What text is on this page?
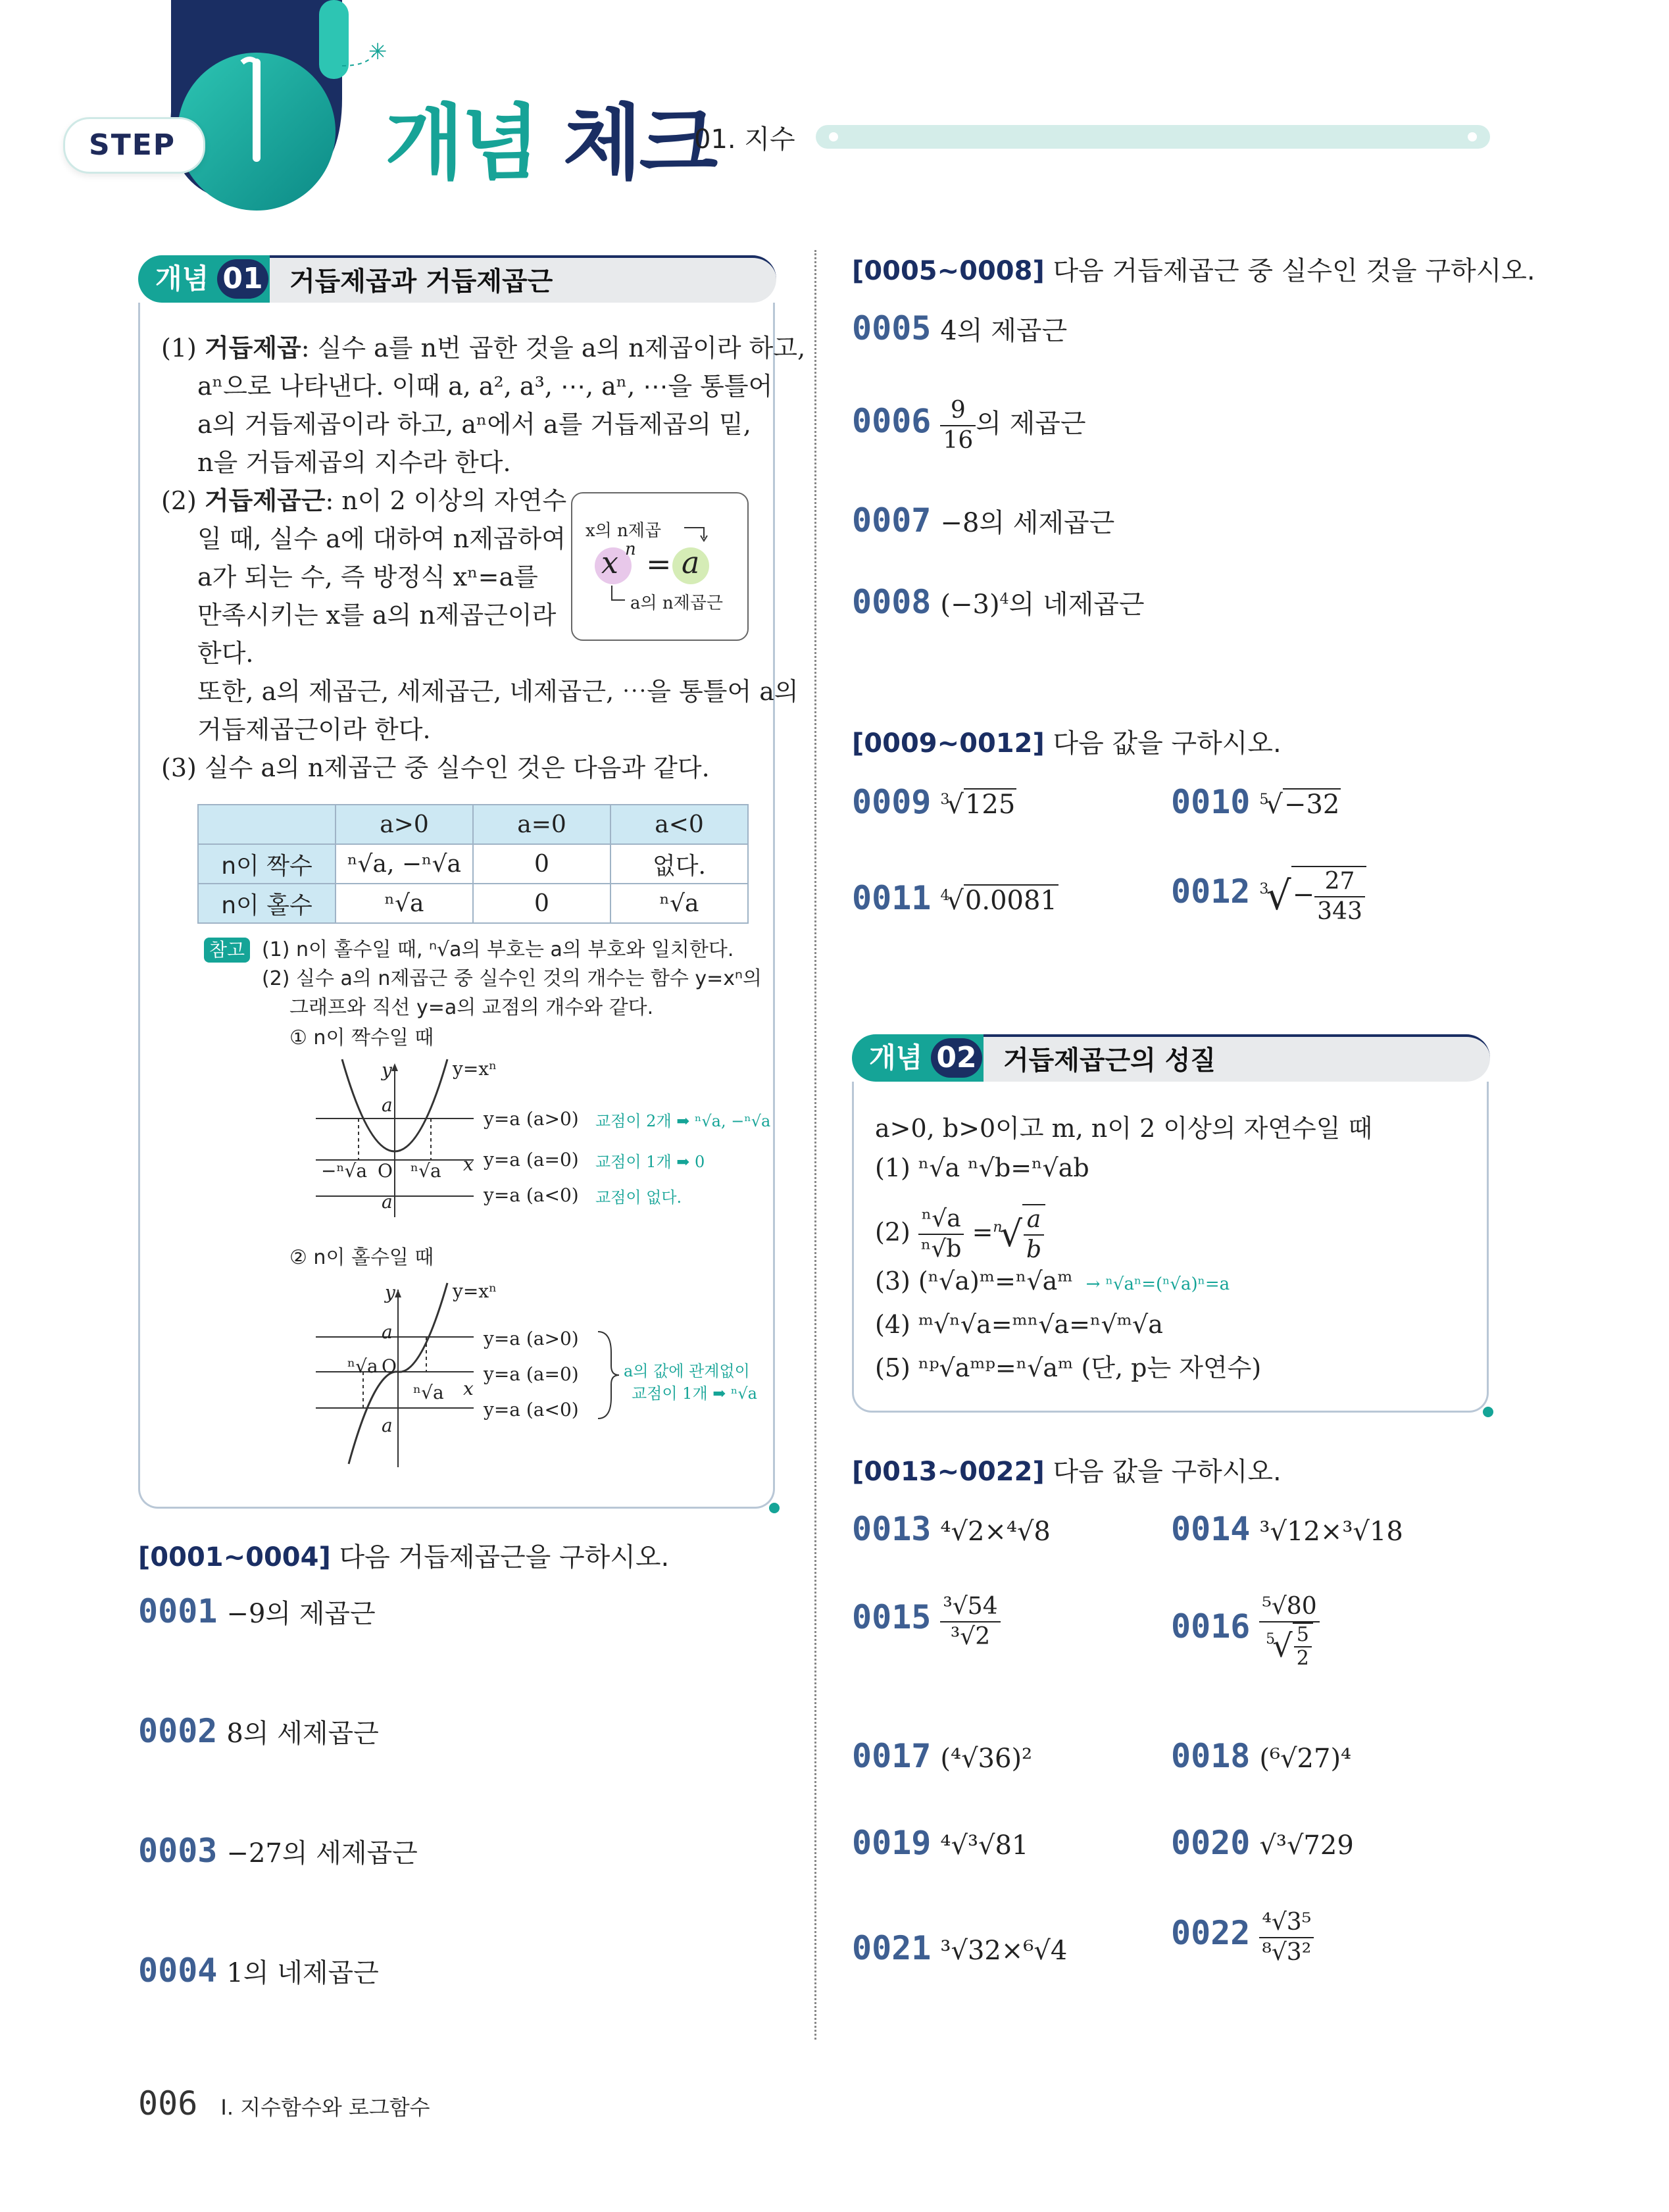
✳
STEP	개념 체크
01. 지수
개념 01	거듭제곱과 거듭제곱근
(1) 거듭제곱: 실수 a를 n번 곱한 것을 a의 n제곱이라 하고,
aⁿ으로 나타낸다. 이때 a, a², a³, ⋯, aⁿ, ⋯을 통틀어
a의 거듭제곱이라 하고, aⁿ에서 a를 거듭제곱의 밑,
n을 거듭제곱의 지수라 한다.
(2) 거듭제곱근: n이 2 이상의 자연수
일 때, 실수 a에 대하여 n제곱하여
a가 되는 수, 즉 방정식 xⁿ=a를
만족시키는 x를 a의 n제곱근이라
한다.
또한, a의 제곱근, 세제곱근, 네제곱근, ⋯을 통틀어 a의
거듭제곱근이라 한다.
(3) 실수 a의 n제곱근 중 실수인 것은 다음과 같다.
x의 n제곱
x n = a
a의 n제곱근
	a>0	a=0	a<0
n이 짝수	ⁿ√a, −ⁿ√a	0	없다.
n이 홀수	ⁿ√a	0	ⁿ√a
참고 (1) n이 홀수일 때, ⁿ√a의 부호는 a의 부호와 일치한다.
(2) 실수 a의 n제곱근 중 실수인 것의 개수는 함수 y=xⁿ의
그래프와 직선 y=a의 교점의 개수와 같다.
① n이 짝수일 때
y	y=xⁿ
a
−ⁿ√a O ⁿ√a x
a
y=a (a>0)
y=a (a=0)
y=a (a<0)
교점이 2개 ➡ ⁿ√a, −ⁿ√a
교점이 1개 ➡ 0
교점이 없다.
② n이 홀수일 때
y	y=xⁿ
a
ⁿ√a O
ⁿ√a x
a
y=a (a>0)
y=a (a=0)
y=a (a<0)
a의 값에 관계없이
교점이 1개 ➡ ⁿ√a
[0001~0004] 다음 거듭제곱근을 구하시오.
0001 −9의 제곱근
0002 8의 세제곱근
0003 −27의 세제곱근
0004 1의 네제곱근
[0005~0008] 다음 거듭제곱근 중 실수인 것을 구하시오.
0005 4의 제곱근
$0006 \frac{9}{16}$ 의 제곱근
0007 −8의 세제곱근
0008 $(-3)^4$의 네제곱근
[0009~0012] 다음 값을 구하시오.
0009 $^3$√125	0010 $^5$√−32
0011 $^4$√0.0081	0012 $^3√- \frac{27}{343}$
개념 02	거듭제곱근의 성질
a>0, b>0이고 m, n이 2 이상의 자연수일 때
(1) ⁿ√a ⁿ√b=ⁿ√ab
$(2) \frac{\text{ⁿ√a}}{\text{ⁿ√b}} =^n√ \frac{a}{b}$
(3) (ⁿ√a)ᵐ=ⁿ√aᵐ → ⁿ√aⁿ=(ⁿ√a)ⁿ=a
(4) ᵐ√ⁿ√a=ᵐⁿ√a=ⁿ√ᵐ√a
(5) ⁿᵖ√aᵐᵖ=ⁿ√aᵐ (단, p는 자연수)
[0013~0022] 다음 값을 구하시오.
0013 ⁴√2×⁴√8	0014 ³√12×³√18
$0015 \frac{\text{³√54}}{\text{³√2}}$	$0016 \frac{\text{⁵√80}}{^5√ \frac{5}{2}}$
0017 (⁴√36)²	0018 (⁶√27)⁴
0019 ⁴√³√81	0020 √³√729
0021 ³√32×⁶√4	$0022 \frac{\text{⁴√3⁵}}{\text{⁸√3²}}$
006 I. 지수함수와 로그함수
